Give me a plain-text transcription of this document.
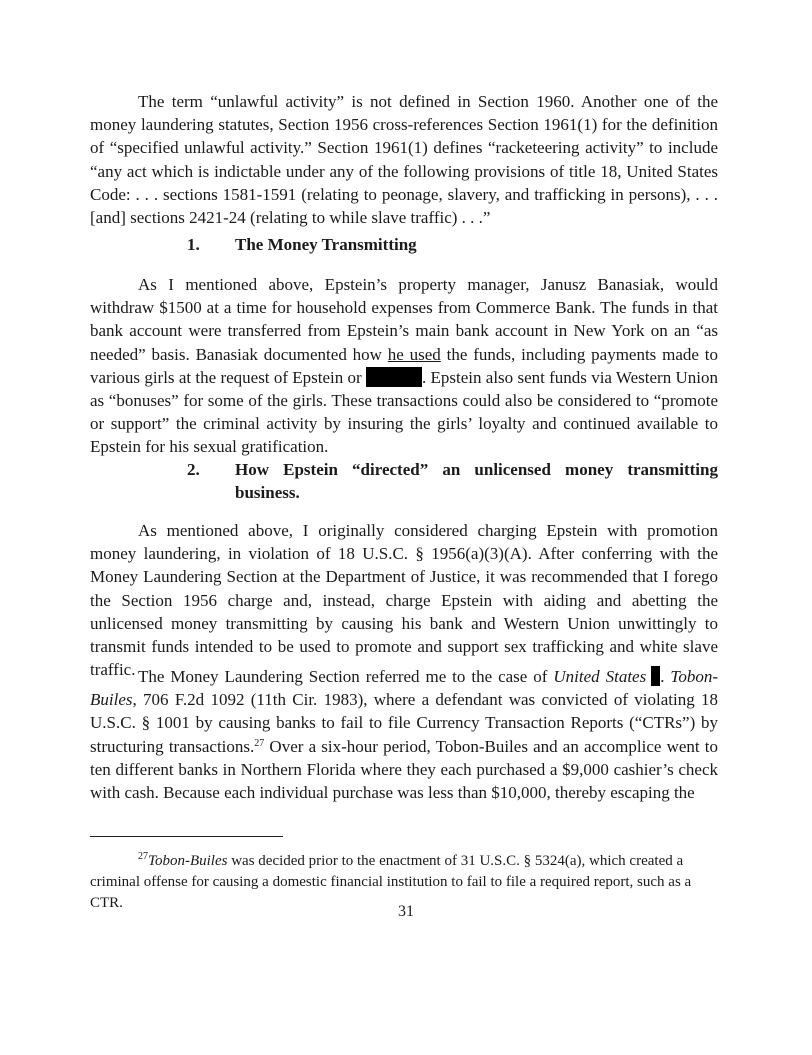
The term “unlawful activity” is not defined in Section 1960. Another one of the money laundering statutes, Section 1956 cross-references Section 1961(1) for the definition of “specified unlawful activity.” Section 1961(1) defines “racketeering activity” to include “any act which is indictable under any of the following provisions of title 18, United States Code: . . . sections 1581-1591 (relating to peonage, slavery, and trafficking in persons), . . . [and] sections 2421-24 (relating to while slave traffic) . . .”

1. The Money Transmitting

As I mentioned above, Epstein’s property manager, Janusz Banasiak, would withdraw $1500 at a time for household expenses from Commerce Bank. The funds in that bank account were transferred from Epstein’s main bank account in New York on an “as needed” basis. Banasiak documented how he used the funds, including payments made to various girls at the request of Epstein or	. Epstein also sent funds via Western Union as “bonuses” for some of the girls. These transactions could also be considered to “promote or support” the criminal activity by insuring the girls’ loyalty and continued available to Epstein for his sexual gratification.

2. How Epstein “directed” an unlicensed money transmitting business.

As mentioned above, I originally considered charging Epstein with promotion money laundering, in violation of 18 U.S.C. § 1956(a)(3)(A). After conferring with the Money Laundering Section at the Department of Justice, it was recommended that I forego the Section 1956 charge and, instead, charge Epstein with aiding and abetting the unlicensed money transmitting by causing his bank and Western Union unwittingly to transmit funds intended to be used to promote and support sex trafficking and white slave traffic. The Money Laundering Section referred me to the case of United States . Tobon-Builes, 706 F.2d 1092 (11th Cir. 1983), where a defendant was convicted of violating 18 U.S.C. § 1001 by causing banks to fail to file Currency Transaction Reports (“CTRs”) by structuring transactions.$^{27}$ Over a six-hour period, Tobon-Builes and an accomplice went to ten different banks in Northern Florida where they each purchased a $9,000 cashier’s check with cash. Because each individual purchase was less than $10,000, thereby escaping the

$^{27}$Tobon-Builes was decided prior to the enactment of 31 U.S.C. § 5324(a), which created a criminal offense for causing a domestic financial institution to fail to file a required report, such as a CTR.	31
